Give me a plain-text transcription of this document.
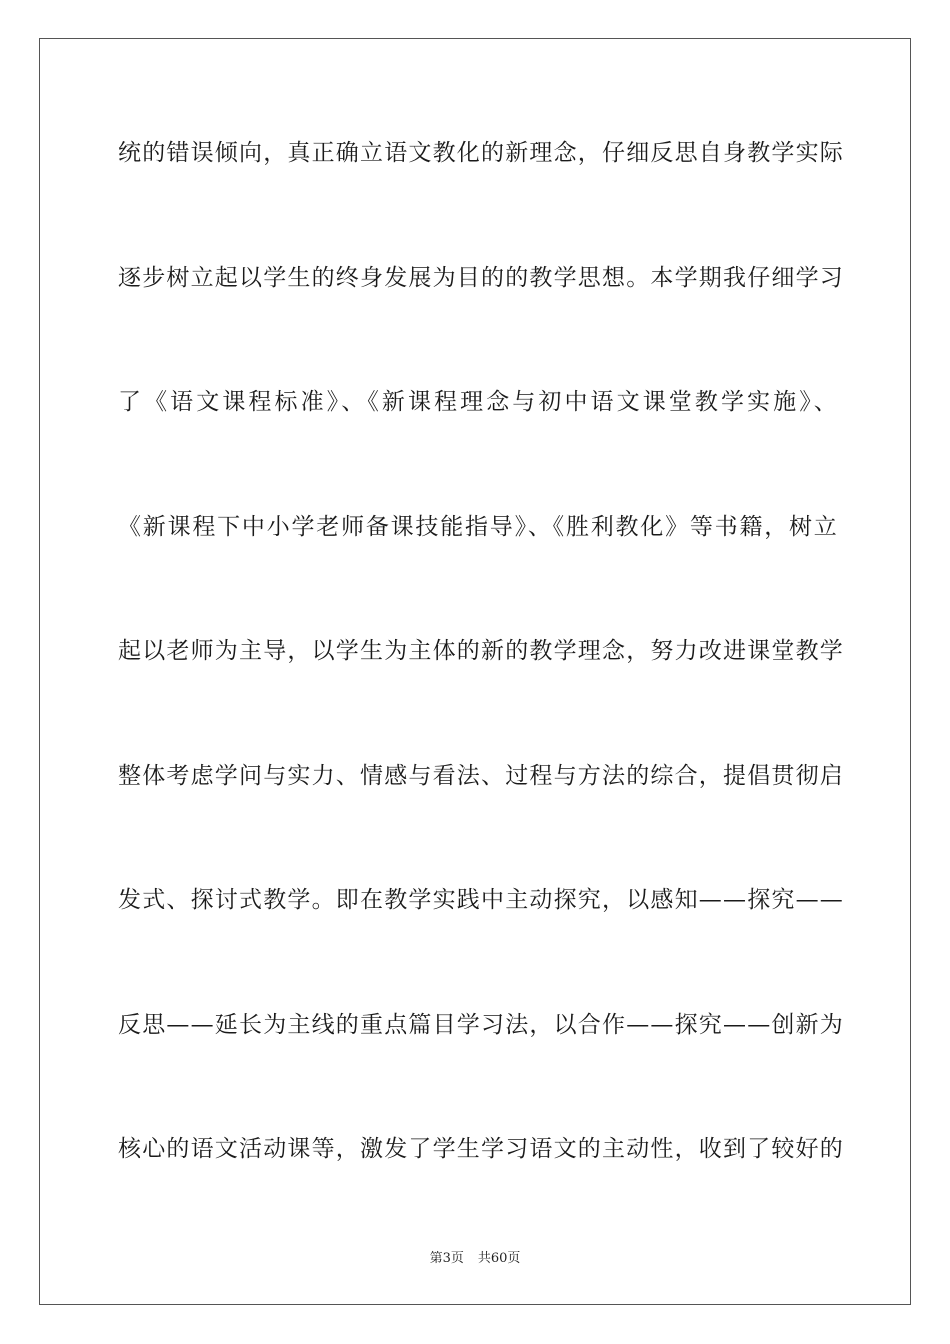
统的错误倾向，真正确立语文教化的新理念，仔细反思自身教学实际

逐步树立起以学生的终身发展为目的的教学思想。本学期我仔细学习

了《语文课程标准》、《新课程理念与初中语文课堂教学实施》、

《新课程下中小学老师备课技能指导》、《胜利教化》等书籍，树立

起以老师为主导，以学生为主体的新的教学理念，努力改进课堂教学

整体考虑学问与实力、情感与看法、过程与方法的综合，提倡贯彻启

发式、探讨式教学。即在教学实践中主动探究，以感知——探究——

反思——延长为主线的重点篇目学习法，以合作——探究——创新为

核心的语文活动课等，激发了学生学习语文的主动性，收到了较好的

第3页 共60页
